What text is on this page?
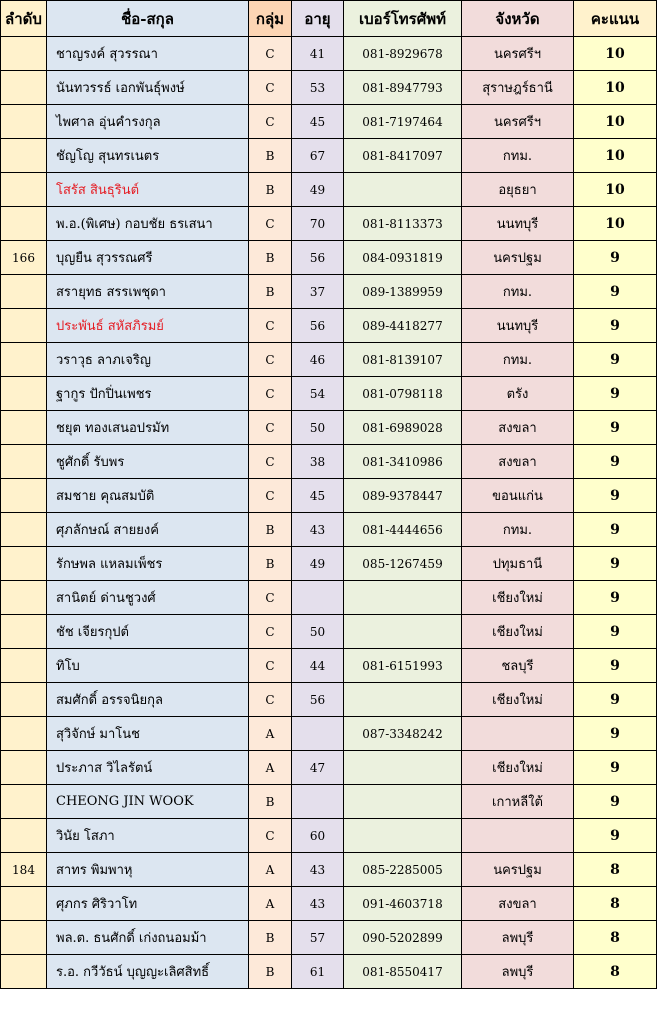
ลำดับ	ชื่อ-สกุล	กลุ่ม	อายุ	เบอร์โทรศัพท์	จังหวัด	คะแนน
	ชาญรงค์ สุวรรณา	C	41	081-8929678	นครศรีฯ	10
	นันทวรรธ์ เอกพันธุ์พงษ์	C	53	081-8947793	สุราษฎร์ธานี	10
	ไพศาล อุ่นคำรงกุล	C	45	081-7197464	นครศรีฯ	10
	ชัญโญ สุนทรเนตร	B	67	081-8417097	กทม.	10
	โสรัส สินธุรินต์	B	49		อยุธยา	10
	พ.อ.(พิเศษ) กอบชัย ธรเสนา	C	70	081-8113373	นนทบุรี	10
166	บุญยืน สุวรรณศรี	B	56	084-0931819	นครปฐม	9
	สรายุทธ สรรเพชุดา	B	37	089-1389959	กทม.	9
	ประพันธ์ สหัสภิรมย์	C	56	089-4418277	นนทบุรี	9
	วราวุธ ลาภเจริญ	C	46	081-8139107	กทม.	9
	ฐากูร ปักปิ่นเพชร	C	54	081-0798118	ตรัง	9
	ชยุต ทองเสนอปรมัท	C	50	081-6989028	สงขลา	9
	ชูศักดิ์ รับพร	C	38	081-3410986	สงขลา	9
	สมชาย คุณสมบัติ	C	45	089-9378447	ขอนแก่น	9
	ศุภลักษณ์ สายยงค์	B	43	081-4444656	กทม.	9
	รักษพล แหลมเพ็ชร	B	49	085-1267459	ปทุมธานี	9
	สานิตย์ ด่านชูวงศ์	C			เชียงใหม่	9
	ชัช เจียรกุปต์	C	50		เชียงใหม่	9
	ทิโบ	C	44	081-6151993	ชลบุรี	9
	สมศักดิ์ อรรจนิยกุล	C	56		เชียงใหม่	9
	สุวิจักษ์ มาโนช	A		087-3348242		9
	ประภาส วิไลรัตน์	A	47		เชียงใหม่	9
	CHEONG JIN WOOK	B			เกาหลีใต้	9
	วินัย โสภา	C	60			9
184	สาทร พิมพาหุ	A	43	085-2285005	นครปฐม	8
	ศุภกร ศิริวาโท	A	43	091-4603718	สงขลา	8
	พล.ต. ธนศักดิ์ เก่งถนอมม้า	B	57	090-5202899	ลพบุรี	8
	ร.อ. กวีวัธน์ บุญญะเลิศสิทธิ์	B	61	081-8550417	ลพบุรี	8
